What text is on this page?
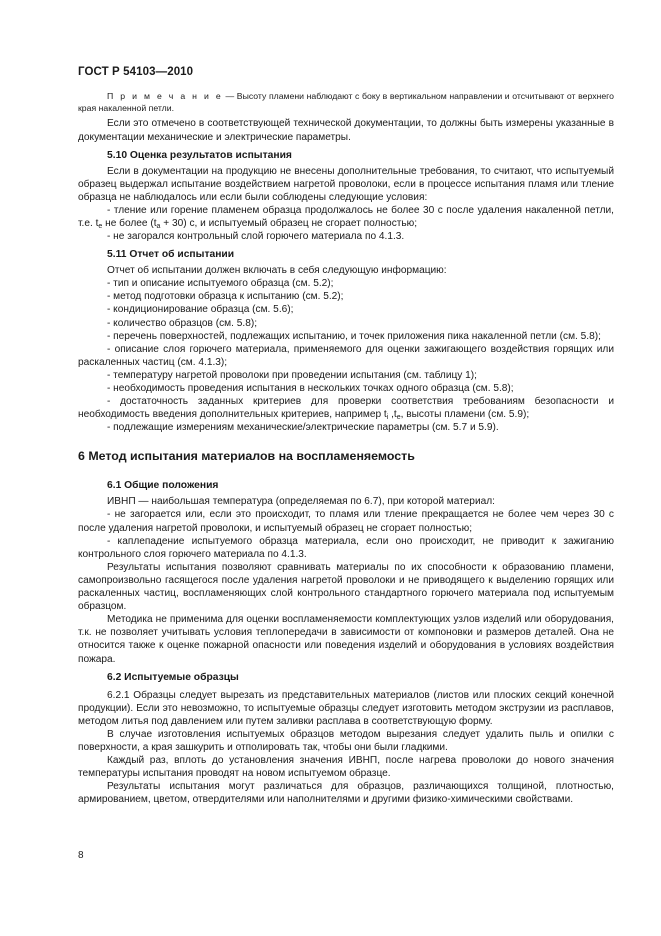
ГОСТ Р 54103—2010

П р и м е ч а н и е — Высоту пламени наблюдают с боку в вертикальном направлении и отсчитывают от верхнего края накаленной петли.

Если это отмечено в соответствующей технической документации, то должны быть измерены указанные в документации механические и электрические параметры.

5.10 Оценка результатов испытания

Если в документации на продукцию не внесены дополнительные требования, то считают, что испытуемый образец выдержал испытание воздействием нагретой проволоки, если в процессе испытания пламя или тление образца не наблюдалось или если были соблюдены следующие условия:

- тление или горение пламенем образца продолжалось не более 30 с после удаления накаленной петли, т.е. $t_e$ не более $(t_a + 30)$ с, и испытуемый образец не сгорает полностью;

- не загорался контрольный слой горючего материала по 4.1.3.

5.11 Отчет об испытании

Отчет об испытании должен включать в себя следующую информацию:

- тип и описание испытуемого образца (см. 5.2);

- метод подготовки образца к испытанию (см. 5.2);

- кондиционирование образца (см. 5.6);

- количество образцов (см. 5.8);

- перечень поверхностей, подлежащих испытанию, и точек приложения пика накаленной петли (см. 5.8);

- описание слоя горючего материала, применяемого для оценки зажигающего воздействия горящих или раскаленных частиц (см. 4.1.3);

- температуру нагретой проволоки при проведении испытания (см. таблицу 1);

- необходимость проведения испытания в нескольких точках одного образца (см. 5.8);

- достаточность заданных критериев для проверки соответствия требованиям безопасности и необходимость введения дополнительных критериев, например $t_i$ $,t_e$, высоты пламени (см. 5.9);

- подлежащие измерениям механические/электрические параметры (см. 5.7 и 5.9).

6 Метод испытания материалов на воспламеняемость
6.1 Общие положения

ИВНП — наибольшая температура (определяемая по 6.7), при которой материал:

- не загорается или, если это происходит, то пламя или тление прекращается не более чем через 30 с после удаления нагретой проволоки, и испытуемый образец не сгорает полностью;

- каплепадение испытуемого образца материала, если оно происходит, не приводит к зажиганию контрольного слоя горючего материала по 4.1.3.

Результаты испытания позволяют сравнивать материалы по их способности к образованию пламени, самопроизвольно гасящегося после удаления нагретой проволоки и не приводящего к выделению горящих или раскаленных частиц, воспламеняющих слой контрольного стандартного горючего материала под испытуемым образцом.

Методика не применима для оценки воспламеняемости комплектующих узлов изделий или оборудования, т.к. не позволяет учитывать условия теплопередачи в зависимости от компоновки и размеров деталей. Она не относится также к оценке пожарной опасности или поведения изделий и оборудования в условиях воздействия пожара.

6.2 Испытуемые образцы

6.2.1 Образцы следует вырезать из представительных материалов (листов или плоских секций конечной продукции). Если это невозможно, то испытуемые образцы следует изготовить методом экструзии из расплавов, методом литья под давлением или путем заливки расплава в соответствующую форму.

В случае изготовления испытуемых образцов методом вырезания следует удалить пыль и опилки с поверхности, а края зашкурить и отполировать так, чтобы они были гладкими.

Каждый раз, вплоть до установления значения ИВНП, после нагрева проволоки до нового значения температуры испытания проводят на новом испытуемом образце.

Результаты испытания могут различаться для образцов, различающихся толщиной, плотностью, армированием, цветом, отвердителями или наполнителями и другими физико-химическими свойствами.

8
